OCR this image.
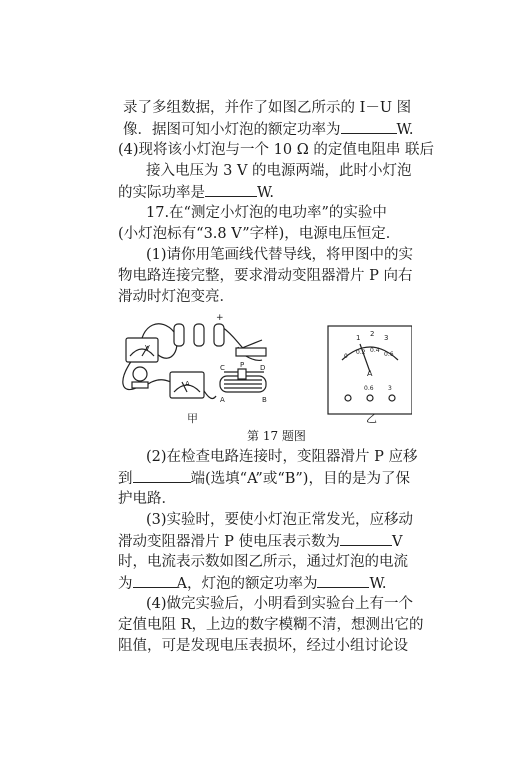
录了多组数据，并作了如图乙所示的 I－U 图
像．据图可知小灯泡的额定功率为	W.
(4)现将该小灯泡与一个 10 Ω 的定值电阻串 联后
接入电压为 3 V 的电源两端，此时小灯泡
的实际功率是	W.
17.在“测定小灯泡的电功率”的实验中
(小灯泡标有“3.8 V”字样)，电源电压恒定．
(1)请你用笔画线代替导线，将甲图中的实
物电路连接完整，要求滑动变阻器滑片 P 向右
滑动时灯泡变亮．
V
A
+
C P D
A	B
1 2 3
0
0.2 0.4
0.6
A
0.6 3
甲	乙
第 17 题图
(2)在检查电路连接时，变阻器滑片 P 应移
到	端(选填“A”或“B”)，目的是为了保
护电路．
(3)实验时，要使小灯泡正常发光，应移动
滑动变阻器滑片 P 使电压表示数为	V
时，电流表示数如图乙所示，通过灯泡的电流
为	A，灯泡的额定功率为	W.
(4)做完实验后，小明看到实验台上有一个
定值电阻 R，上边的数字模糊不清，想测出它的
阻值，可是发现电压表损坏，经过小组讨论设
